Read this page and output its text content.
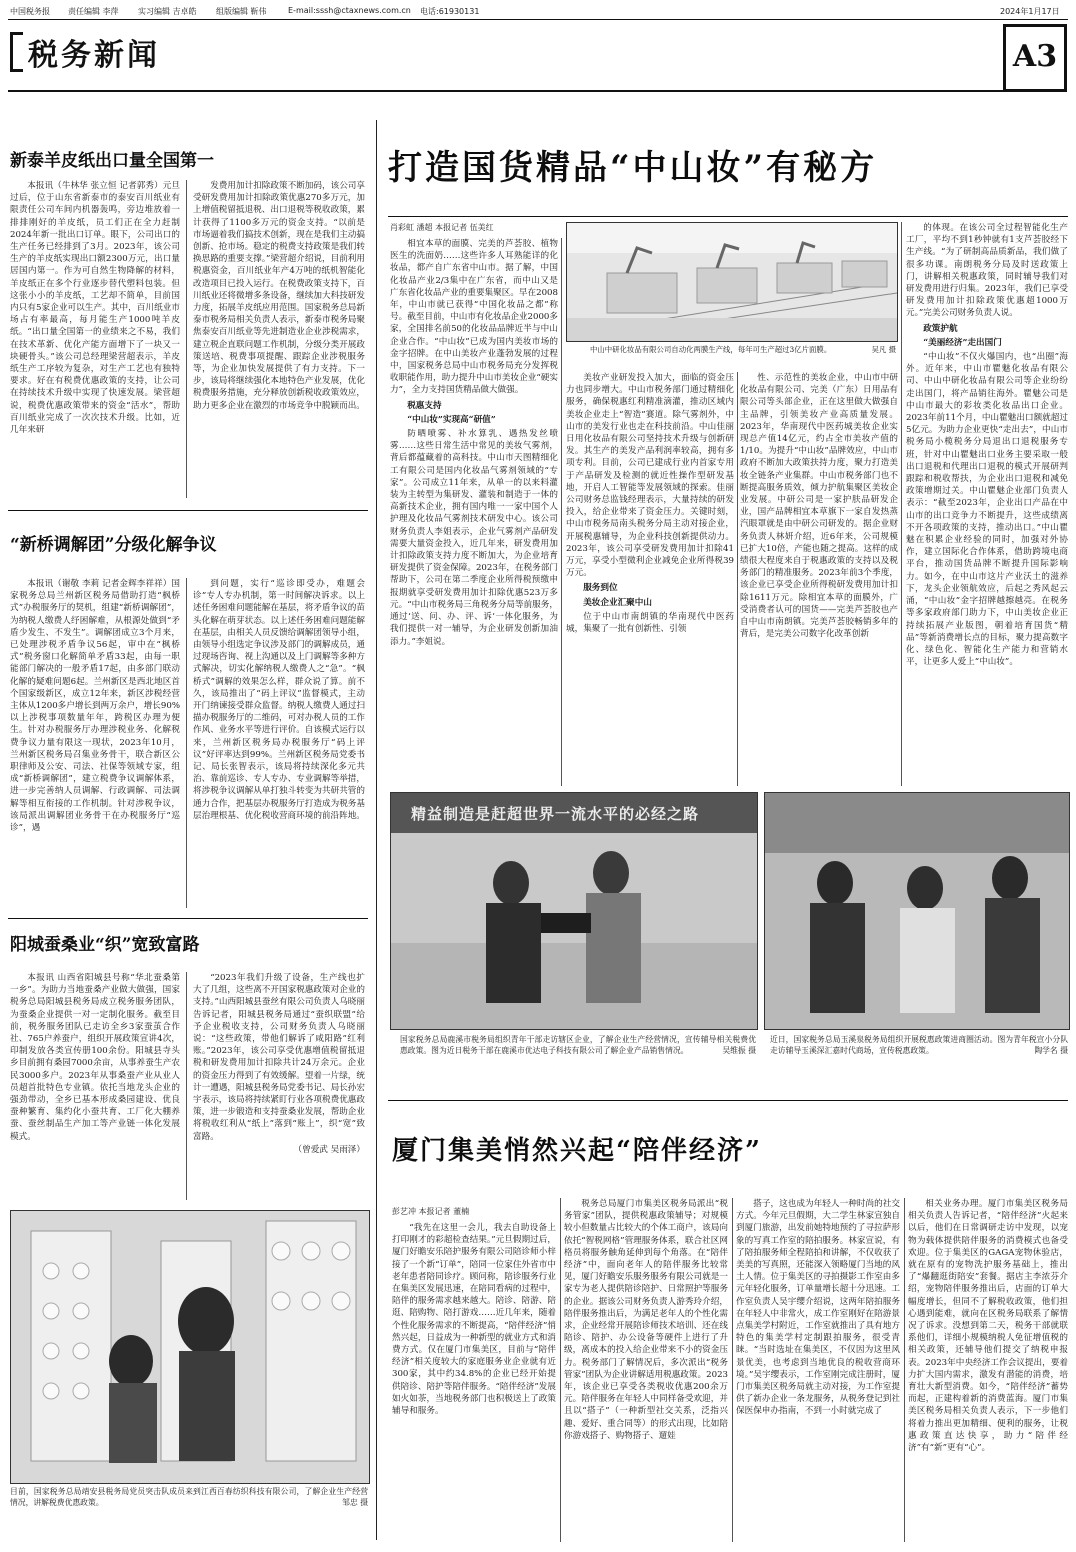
中国税务报 责任编辑 李萍 实习编辑 吉卓皓 组版编辑 靳伟	E-mail:sssh@ctaxnews.com.cn 电话:61930131	2024年1月17日
税务新闻	A3
新泰羊皮纸出口量全国第一

本报讯（牛林华 张立恒 记者郭秀）元旦过后，位于山东省新泰市的泰安百川纸业有限责任公司车间内机器轰鸣，旁边堆放着一排排刚好的羊皮纸，员工们正在全力赶制2024年新一批出口订单。眼下，公司出口的生产任务已经排到了3月。2023年，该公司生产的羊皮纸实现出口额2300万元，出口量居国内第一。作为可自然生物降解的材料，羊皮纸正在多个行业逐步替代塑料包装。但这张小小的羊皮纸，工艺却不简单，目前国内只有5家企业可以生产。其中，百川纸业市场占有率最高，每月能生产1000吨羊皮纸。“出口量全国第一的业绩来之不易，我们在技术革新、优化产能方面增下了一块又一块硬骨头。”该公司总经理梁营超表示，羊皮纸生产工序较为复杂，对生产工艺也有独特要求。好在有税费优惠政策的支持，让公司在持续技术升级中实现了快速发展。梁营超说，税费优惠政策带来的资金“活水”，帮助百川纸业完成了一次次技术升级。比如，近几年来研

发费用加计扣除政策不断加码，该公司享受研发费用加计扣除政策优惠270多万元，加上增值税留抵退税、出口退税等税收政策，累计获得了1100多万元的资金支持。“以前是市场逼着我们搞技术创新，现在是我们主动搞创新、抢市场。稳定的税费支持政策是我们转换思路的重要支撑。”梁营超介绍说，目前利用税惠资金，百川纸业年产4万吨的纸机智能化改造项目已投入运行。在税费政策支持下，百川纸业还将微增多条设备，继续加大科技研发力度，拓展羊皮纸应用范围。国家税务总局新泰市税务局相关负责人表示，新泰市税务局聚焦泰安百川纸业等先进制造业企业涉税需求，建立税企直联问题工作机制，分级分类开展政策送培、税费事项提醒、跟踪企业涉税服务等，为企业加快发展提供了有力支持。下一步，该局将继续强化本地特色产业发展，优化税费服务措施，充分释放创新税收政策效应，助力更多企业在激烈的市场竞争中脱颖而出。

“新桥调解团”分级化解争议

本报讯（谢敬 李莉 记者金辉李祥祥）国家税务总局兰州新区税务局借助打造“枫桥式”办税服务厅的契机，组建“新桥调解团”，为纳税人缴费人纾困解难，从根源处做到“矛盾少发生、不发生”。调解团成立3个月来，已处理涉税矛盾争议56起，审中在“枫桥式”税务窗口化解简单矛盾33起，由每一职能部门解决的一般矛盾17起，由多部门联动化解的疑难问题6起。兰州新区是西北地区首个国家级新区，成立12年来，新区涉税经营主体从1200多户增长到两万余户，增长90%以上涉税事项数量年年，跨税区办理为便生。针对办税服务厅办理涉税业务、化解税费争议力量有限这一现状，2023年10月，兰州新区税务局召集业务骨干，联合新区公职律师及公安、司法、社保等领域专家，组成“新桥调解团”，建立税费争议调解体系，进一步完善纳人员调解、行政调解、司法调解等相互衔接的工作机制。针对涉税争议，该局派出调解团业务骨干在办税服务厅“巡诊”，遇

到问题，实行“巡诊即受办，难题会诊”专人专办机制，第一时间解决诉求。以上述任务困难问题能解在基层，将矛盾争议的苗头化解在萌芽状态。以上述任务困难问题能解在基层，由相关人员反馈给调解团领导小组，由领导小组选定争议涉及部门的调解成员，通过现场咨询、视上沟通以及上门调解等多种方式解决，切实化解纳税人缴费人之“急”。“枫桥式”调解的效果怎么样，群众说了算。前不久，该局推出了“码上评议”监督模式，主动开门纳谏接受群众监督。纳税人缴费人通过扫描办税服务厅的二维码，可对办税人员的工作作风、业务水平等进行评价。自该模式运行以来，兰州新区税务局办税服务厅“码上评议”好评率达到99%。兰州新区税务局党委书记、局长张智表示，该局将持续深化多元共治、靠前巡诊、专人专办、专业调解等举措，将涉税争议调解从单打独斗转变为共研共管的通力合作，把基层办税服务厅打造成为税务基层治理根基、优化税收营商环境的前沿阵地。

阳城蚕桑业“织”宽致富路

本报讯 山西省阳城县号称“华北蚕桑第一乡”。为助力当地蚕桑产业做大做强，国家税务总局阳城县税务局成立税务服务团队，为蚕桑企业提供一对一定制化服务。截至目前，税务服务团队已走访全乡3家蚕茧合作社、765户养蚕户，组织开展政策宣讲4次，印制发放各类宣传册100余份。阳城县寺头乡目前拥有桑园7000余亩，从事养蚕生产农民3000多户。2023年从事桑蚕产业从业人员超首批特色专业镇。依托当地龙头企业的强劲带动，全乡已基本形成桑园建设、优良蚕种繁育、集约化小蚕共育、工厂化大棚养蚕、蚕丝制品生产加工等产业链一体化发展模式。

“2023年我们升级了设备，生产线也扩大了几组，这些离不开国家税惠政策对企业的支持。”山西阳城县蚕丝有限公司负责人乌晓丽告诉记者，阳城县税务局通过“蚕织联盟”给予企业税收支持，公司财务负责人乌晓丽说：“这些政策，带他们解诉了咸阳路”红利账。”2023年，该公司享受优惠增值税留抵退税和研发费用加计扣除共计24万余元。企业的资金压力得到了有效缓解。望着一片绿，统计一遭遇，阳城县税务局党委书记、局长孙宏宇表示，该局将持续紧盯行业各项税费优惠政策，进一步锻造和支持蚕桑业发展，帮助企业将税收红利从“纸上”落到“账上”，织“宽”致富路。

（曾爱武 吴雨泽）
目前，国家税务总局靖安县税务局党员突击队成员来到江西百春纺织科技有限公司，了解企业生产经营情况，讲解税费优惠政策。	邹忠 摄
打造国货精品“中山妆”有秘方
肖彩虹 潘超 本报记者 伍美红

相宜本草的面膜、完美的芦荟胶、植物医生的洗面奶……这些许多人耳熟能详的化妆品，都产自广东省中山市。据了解，中国化妆品产业2/3集中在广东省，而中山又是广东省化妆品产业的重要集聚区。早在2008年，中山市就已获得“中国化妆品之都”称号。截至目前，中山市有化妆品企业2000多家，全国排名前50的化妆品品牌近半与中山企业合作。“中山妆”已成为国内美妆市场的金字招牌。在中山美妆产业蓬勃发展的过程中，国家税务总局中山市税务局充分发挥税收职能作用，助力提升中山市美妆企业“硬实力”，全力支持国货精品做大做强。

税惠支持
“中山妆”实现高“研值”

防晒喷雾、补水算乳、遇热发丝喷雾……这些日常生活中常见的美妆气雾剂，背后都蕴藏着的高科技。中山市天图精细化工有限公司是国内化妆品气雾剂领域的“专家”。公司成立11年来，从单一的以来料灌装为主转型为集研发、灌装和制造于一体的高新技术企业，拥有国内唯一一家中国个人护理及化妆品气雾剂技术研发中心。该公司财务负责人李姐表示，企业气雾剂产品研发需要大量资金投入，近几年来，研发费用加计扣除政策支持力度不断加大，为企业培育研发提供了资金保障。2023年，在税务部门帮助下，公司在第二季度企业所得税预缴申报期就享受研发费用加计扣除优惠523万多元。“中山市税务局三角税务分局等前服务，通过‘送、问、办、评、诉’一体化服务，为我们提供一对一辅导，为企业研发创新加油添力。”李姐说。

中山中研化妆品有限公司自动化两膜生产线，每年可生产超过3亿片面膜。	吴凡 摄

美妆产业研发投入加大，面临的资金压力也同步增大。中山市税务部门通过精细化服务，确保税惠红利精准滴灌，推动区域内美妆企业走上“智造”赛道。除气雾剂外，中山市的美发行业也走在科技前沿。中山佳丽日用化妆品有限公司坚持技术升级与创新研发。其生产的美发产品利润率较高，拥有多项专利。目前，公司已建成行业内首家专用于产品研发及检测的就近性操作型研发基地，开启人工智能等发展领域的探索。佳丽公司财务总监钱经理表示，大量持续的研发投入，给企业带来了资金压力。关键时刻，中山市税务局南头税务分局主动对接企业，开展税惠辅导，为企业科技创新提供动力。2023年，该公司享受研发费用加计扣除41万元，享受小型微利企业减免企业所得税39万元。

服务到位
美妆企业汇聚中山

位于中山市南朗镇的华南现代中医药城，集聚了一批有创新性、引领

性、示范性的美妆企业，中山市中研化妆品有限公司、完美（广东）日用品有限公司等头部企业，正在这里做大做强自主品牌，引领美妆产业高质量发展。2023年，华南现代中医药城美妆企业实现总产值14亿元，约占全市美妆产值的1/10。为提升“中山妆”品牌效应，中山市政府不断加大政策扶持力度，聚力打造美妆全链条产业集群。中山市税务部门也不断提高服务质效，倾力护航集聚区美妆企业发展。中研公司是一家护肤品研发企业，国产品牌相宜本草旗下一家自发热蒸汽眼罩就是由中研公司研发的。据企业财务负责人林妍介绍，近6年来，公司规模已扩大10倍，产能也随之提高。这样的成绩很大程度来自于税惠政策的支持以及税务部门的精准服务。2023年前3个季度，该企业已享受企业所得税研发费用加计扣除1611万元。除相宜本草的面膜外，广受消费者认可的国货——完美芦荟胶也产自中山市南朗镇。完美芦荟胶畅销多年的背后，是完美公司数字化改革创新

的体现。在该公司全过程智能化生产工厂，平均不到1秒钟就有1支芦荟胶经下生产线。“为了研制高品质新品，我们做了很多功课。南朗税务分局及时送政策上门，讲解相关税惠政策，同时辅导我们对研发费用进行归集。2023年，我们已享受研发费用加计扣除政策优惠超1000万元。”完美公司财务负责人说。

政策护航
“美丽经济”走出国门

“中山妆”不仅火爆国内，也“出圈”海外。近年来，中山市瞿魅化妆品有限公司、中山中研化妆品有限公司等企业纷纷走出国门，将产品销往海外。瞿魅公司是中山市最大的彩妆类化妆品出口企业。2023年前11个月，中山瞿魅出口额就超过5亿元。为助力企业更快“走出去”，中山市税务局小榄税务分局退出口退税服务专班，针对中山瞿魅出口业务主要采取一般出口退税和代理出口退税的模式开展研判跟踪和税收帮扶，为企业出口退税和减免政策增期过关。中山瞿魅企业部门负责人表示：“截至2023年，企业出口产品在中山市的出口竞争力不断提升，这些成绩离不开各项政策的支持，推动出口。”中山瞿魅在积累企业经验的同时，加强对外协作，建立国际化合作体系，借助跨境电商平台，推动国货品牌不断提升国际影响力。如今，在中山市这片产业沃土的滋养下，龙头企业领航效应，后起之秀风起云涌，“中山妆”金字招牌越擦越亮。在税务等多家政府部门助力下，中山美妆企业正持续拓展产业版图，朝着培育国货“精品”等新消费增长点的目标，聚力提高数字化、绿色化、智能化生产能力和营销水平，让更多人爱上“中山妆”。

精益制造是赶超世界一流水平的必经之路
国家税务总局鹿溪市税务局组织青年干部走访辖区企业，了解企业生产经营情况，宣传辅导相关税费优惠政策。图为近日税务干部在鹿溪市优达电子科技有限公司了解企业产品销售情况。	吴维振 摄
近日，国家税务总局玉溪泉税务局组织开展税惠政策进商圈活动。图为青年税宣小分队走访辅导玉溪深汇嘉时代商场，宣传税惠政策。	陶学名 摄
厦门集美悄然兴起“陪伴经济”
彭艺冲 本报记者 董楠

“我先在这里一会儿，我去自助设备上打印刚才的彩超检查结果。”元旦假期过后，厦门好瞻安乐陪护服务有限公司陪诊师小梓接了一个新“订单”，陪同一位家住外省市中老年患者陪同诊疗。顾问称，陪诊服务行业在集美区发展迅速，在陪同看病的过程中，陪伴的服务需求越来越大。陪诊、陪游、陪逛、陪购物、陪打游戏……近几年来，随着个性化服务需求的不断提高，“陪伴经济”悄然兴起，日益成为一种新型的就业方式和消费方式。仅在厦门市集美区，目前与“陪伴经济”相关度较大的家庭服务业企业就有近300家，其中约34.8%的企业已经开始提供陪诊、陪护等陪伴服务。“陪伴经济”发展如火如荼，当地税务部门也积极送上了政策辅导和服务。

税务总局厦门市集美区税务局派出“税务管家”团队，提供税惠政策辅导；对规模较小但数量占比较大的个体工商户，该局向依托“智税网格”管理服务体系，联合社区网格员将服务触角延伸到每个角落。在“陪伴经济”中，面向老年人的陪伴服务比较常见，厦门好瞻安乐服务服务有限公司就是一家专为老人提供陪诊陪护、日常照护等服务的企业。据该公司财务负责人游秀玲介绍，陪伴服务推出后，为满足老年人的个性化需求，企业经常开展陪诊师技术培训、还在线陪诊、陪护、办公设备等硬件上进行了升级，离成本的投入给企业带来不小的资金压力。税务部门了解情况后，多次派出“税务管家”团队为企业讲解适用税惠政策。2023年，该企业已享受各类税收优惠200余万元。陪伴服务在年轻人中同样备受欢迎，并且以“搭子”（一种新型社交关系，泛指兴趣、爱好、重合同等）的形式出现，比如陪你游戏搭子、购物搭子、遛娃

搭子，这也成为年轻人一种时尚的社交方式。今年元旦假期，大二学生林家宣独自到厦门旅游，出发前她特地预约了寻拉萨形象的写真工作室的陪拍服务。林家宣说，有了陪拍服务师全程陪拍和讲解，不仅收获了美美的写真照，还能深入领略厦门当地的风土人情。位于集美区的寻拍摄影工作室由多元年轻化服务，订单量增长超十分迅速。工作室负责人吴宇缨介绍说，这两年陪拍服务在年轻人中非常火，成工作室刚好在陪游景点集美学村附近，工作室就推出了具有地方特色的集美学村定制跟拍服务，很受青睐。“当时选址在集美区，不仅因为这里风景优美，也考虑到当地优良的税收营商环境。”吴宇缨表示，工作室刚完成注册时，厦门市集美区税务局就主动对接，为工作室提供了新办企业一条龙服务，从税务登记到社保医保申办指南，不到一小时就完成了

相关业务办理。厦门市集美区税务局相关负责人告诉记者，“陪伴经济”火起来以后，他们在日常调研走访中发现，以宠物为载体提供陪伴服务的消费模式也备受欢迎。位于集美区的GAGA宠物休验店，就在原有的宠物洗护服务基础上，推出了“爆翻逛街陪安”套餐。据店主李浓芬介绍，宠物陪伴服务推出后，店面的订单大幅度增长，但同不了解税收政策，他们担心遇到能难，就向在区税务局联系了解情况了诉求。没想到第二天，税务干部就联系他们，详细小规模纳税人免征增值税的相关政策，还辅导他们提交了纳税申报表。2023年中央经济工作会议提出，要着力扩大国内需求，激发有潜能的消费，培育壮大新型消费。如今，“陪伴经济”蓄势而起，正建构着新的消费蓝海。厦门市集美区税务局相关负责人表示，下一步他们将着力推出更加精细、便利的服务，让税惠政策直达快享，助力“陪伴经济”有“新”更有“心”。
